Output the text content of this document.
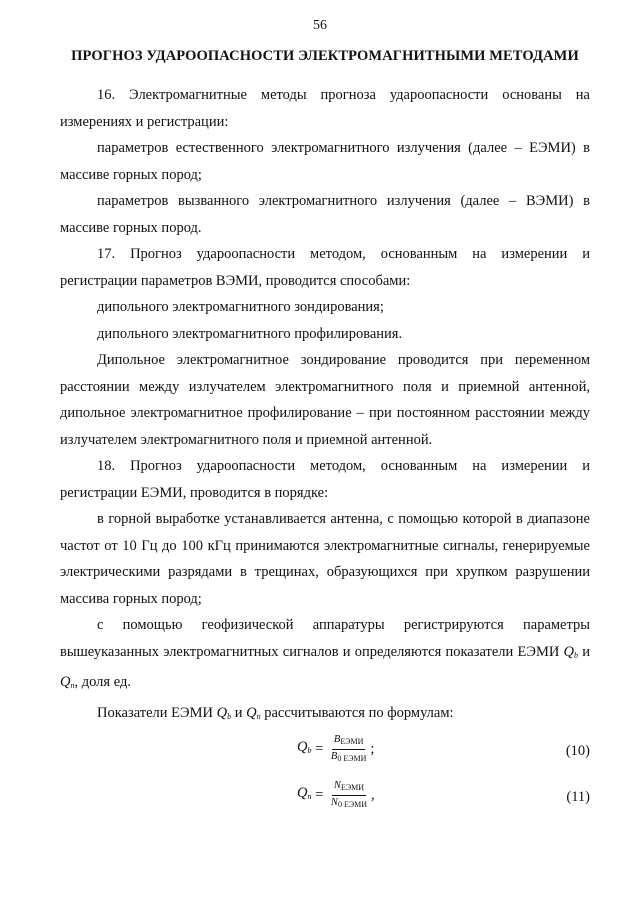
56
ПРОГНОЗ УДАРООПАСНОСТИ ЭЛЕКТРОМАГНИТНЫМИ МЕТОДАМИ

16. Электромагнитные методы прогноза удароопасности основаны на измерениях и регистрации:

параметров естественного электромагнитного излучения (далее – ЕЭМИ) в массиве горных пород;

параметров вызванного электромагнитного излучения (далее – ВЭМИ) в массиве горных пород.

17. Прогноз удароопасности методом, основанным на измерении и регистрации параметров ВЭМИ, проводится способами:

дипольного электромагнитного зондирования;

дипольного электромагнитного профилирования.

Дипольное электромагнитное зондирование проводится при переменном расстоянии между излучателем электромагнитного поля и приемной антенной, дипольное электромагнитное профилирование – при постоянном расстоянии между излучателем электромагнитного поля и приемной антенной.

18. Прогноз удароопасности методом, основанным на измерении и регистрации ЕЭМИ, проводится в порядке:

в горной выработке устанавливается антенна, с помощью которой в диапазоне частот от 10 Гц до 100 кГц принимаются электромагнитные сигналы, генерируемые электрическими разрядами в трещинах, образующихся при хрупком разрушении массива горных пород;

с помощью геофизической аппаратуры регистрируются параметры вышеуказанных электромагнитных сигналов и определяются показатели ЕЭМИ $Q_b$ и $Q_n$, доля ед.

Показатели ЕЭМИ $Q_b$ и $Q_n$ рассчитываются по формулам:

$Q_b = \frac{B_{ЕЭМИ}}{B_{0 ЕЭМИ}}$ ;	(10)
$Q_n = \frac{N_{ЕЭМИ}}{N_{0 ЕЭМИ}}$ ,	(11)
